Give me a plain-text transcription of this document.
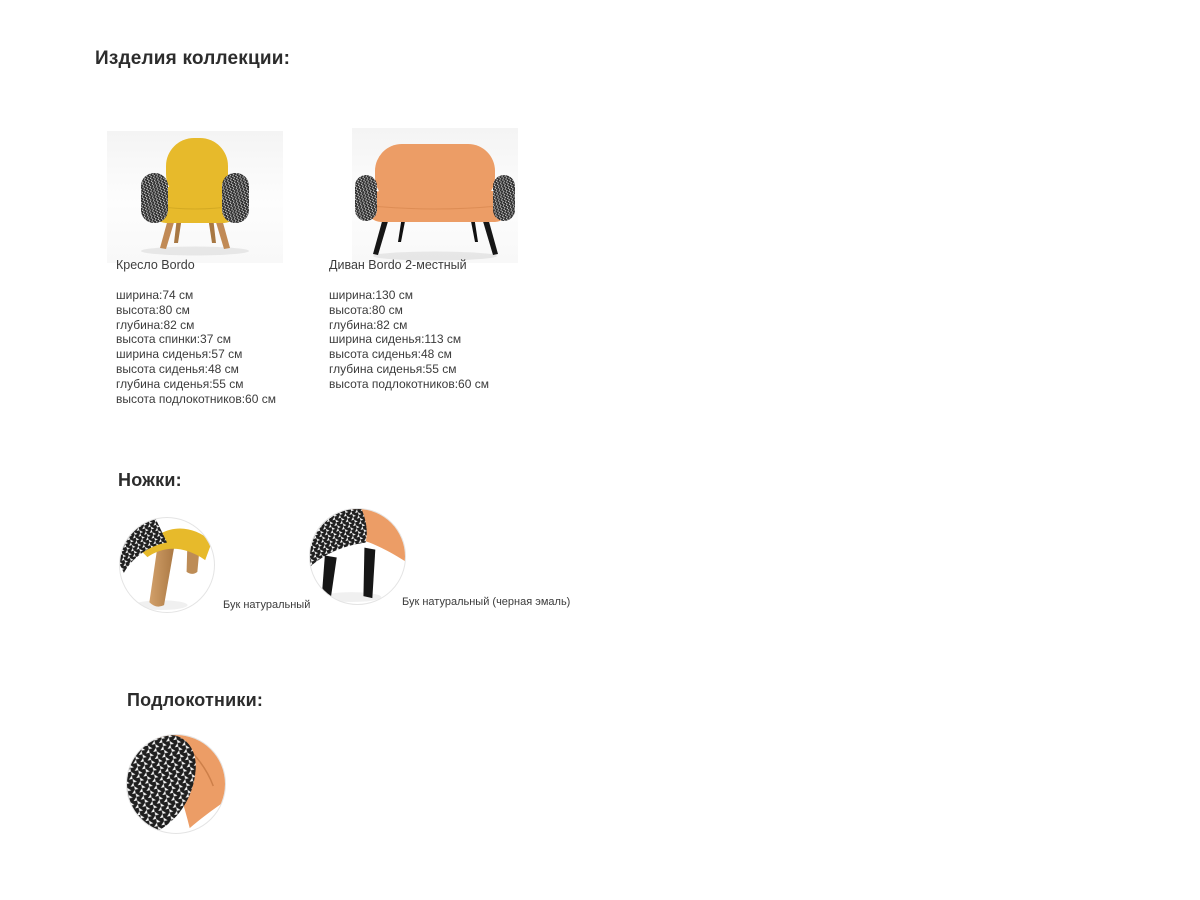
Изделия коллекции:
Кресло Bordo	Диван Bordo 2-местный
ширина:74 см
высота:80 см
глубина:82 см
высота спинки:37 см
ширина сиденья:57 см
высота сиденья:48 см
глубина сиденья:55 см
высота подлокотников:60 см
ширина:130 см
высота:80 см
глубина:82 см
ширина сиденья:113 см
высота сиденья:48 см
глубина сиденья:55 см
высота подлокотников:60 см
Ножки:
Бук натуральный	Бук натуральный (черная эмаль)
Подлокотники:
